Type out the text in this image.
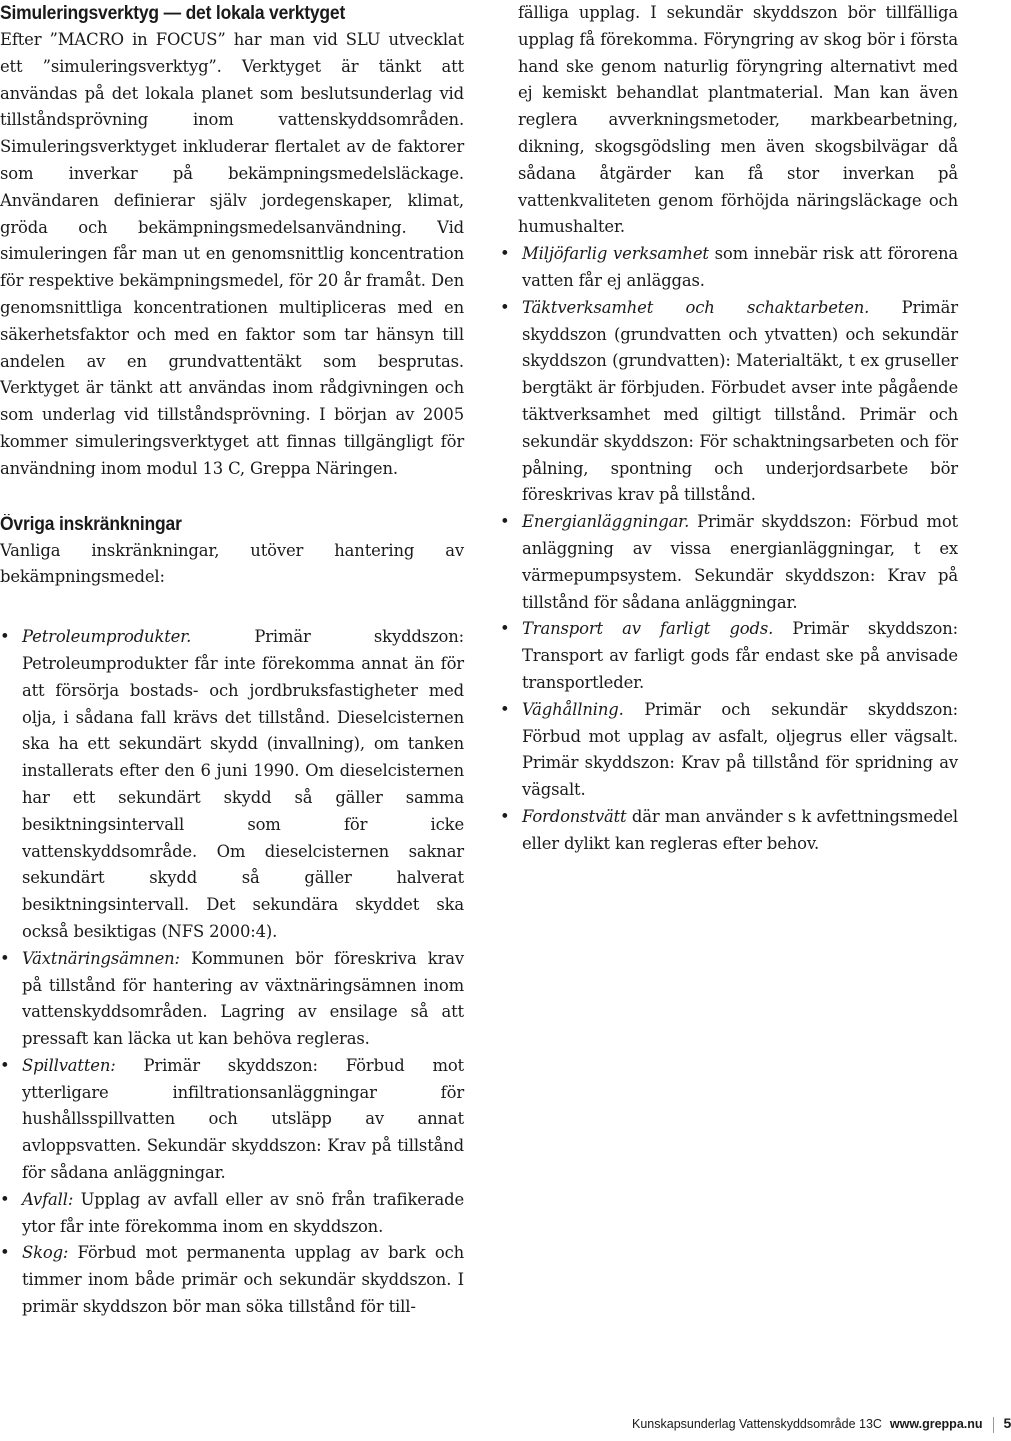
Simuleringsverktyg — det lokala verktyget

Efter ”MACRO in FOCUS” har man vid SLU utvecklat ett ”simuleringsverktyg”. Verktyget är tänkt att användas på det lokala planet som beslutsunderlag vid tillståndsprövning inom vattenskyddsområden. Simuleringsverktyget inkluderar flertalet av de faktorer som inverkar på bekämpningsmedelsläckage. Användaren definierar själv jordegenskaper, klimat, gröda och bekämpningsmedelsanvändning. Vid simuleringen får man ut en genomsnittlig koncentration för respektive bekämpningsmedel, för 20 år framåt. Den genomsnittliga koncentrationen multipliceras med en säkerhetsfaktor och med en faktor som tar hänsyn till andelen av en grundvattentäkt som besprutas. Verktyget är tänkt att användas inom rådgivningen och som underlag vid tillståndsprövning. I början av 2005 kommer simuleringsverktyget att finnas tillgängligt för användning inom modul 13 C, Greppa Näringen.

Övriga inskränkningar

Vanliga inskränkningar, utöver hantering av bekämpningsmedel:

• Petroleumprodukter. Primär skyddszon: Petroleumprodukter får inte förekomma annat än för att försörja bostads- och jordbruksfastigheter med olja, i sådana fall krävs det tillstånd. Dieselcisternen ska ha ett sekundärt skydd (invallning), om tanken installerats efter den 6 juni 1990. Om dieselcisternen har ett sekundärt skydd så gäller samma besiktningsintervall som för icke vattenskyddsområde. Om dieselcisternen saknar sekundärt skydd så gäller halverat besiktningsintervall. Det sekundära skyddet ska också besiktigas (NFS 2000:4).
• Växtnäringsämnen: Kommunen bör föreskriva krav på tillstånd för hantering av växtnäringsämnen inom vattenskyddsområden. Lagring av ensilage så att pressaft kan läcka ut kan behöva regleras.
• Spillvatten: Primär skyddszon: Förbud mot ytterligare infiltrationsanläggningar för hushållsspillvatten och utsläpp av annat avloppsvatten. Sekundär skyddszon: Krav på tillstånd för sådana anläggningar.
• Avfall: Upplag av avfall eller av snö från trafikerade ytor får inte förekomma inom en skyddszon.
• Skog: Förbud mot permanenta upplag av bark och timmer inom både primär och sekundär skyddszon. I primär skyddszon bör man söka tillstånd för till-

fälliga upplag. I sekundär skyddszon bör tillfälliga upplag få förekomma. Föryngring av skog bör i första hand ske genom naturlig föryngring alternativt med ej kemiskt behandlat plantmaterial. Man kan även reglera avverkningsmetoder, markbearbetning, dikning, skogsgödsling men även skogsbilvägar då sådana åtgärder kan få stor inverkan på vattenkvaliteten genom förhöjda näringsläckage och humushalter.

• Miljöfarlig verksamhet som innebär risk att förorena vatten får ej anläggas.
• Täktverksamhet och schaktarbeten. Primär skyddszon (grundvatten och ytvatten) och sekundär skyddszon (grundvatten): Materialtäkt, t ex gruseller bergtäkt är förbjuden. Förbudet avser inte pågående täktverksamhet med giltigt tillstånd. Primär och sekundär skyddszon: För schaktningsarbeten och för pålning, spontning och underjordsarbete bör föreskrivas krav på tillstånd.
• Energianläggningar. Primär skyddszon: Förbud mot anläggning av vissa energianläggningar, t ex värmepumpsystem. Sekundär skyddszon: Krav på tillstånd för sådana anläggningar.
• Transport av farligt gods. Primär skyddszon: Transport av farligt gods får endast ske på anvisade transportleder.
• Väghållning. Primär och sekundär skyddszon: Förbud mot upplag av asfalt, oljegrus eller vägsalt. Primär skyddszon: Krav på tillstånd för spridning av vägsalt.
• Fordonstvätt där man använder s k avfettningsmedel eller dylikt kan regleras efter behov.
Kunskapsunderlag Vattenskyddsområde 13C www.greppa.nu 5
